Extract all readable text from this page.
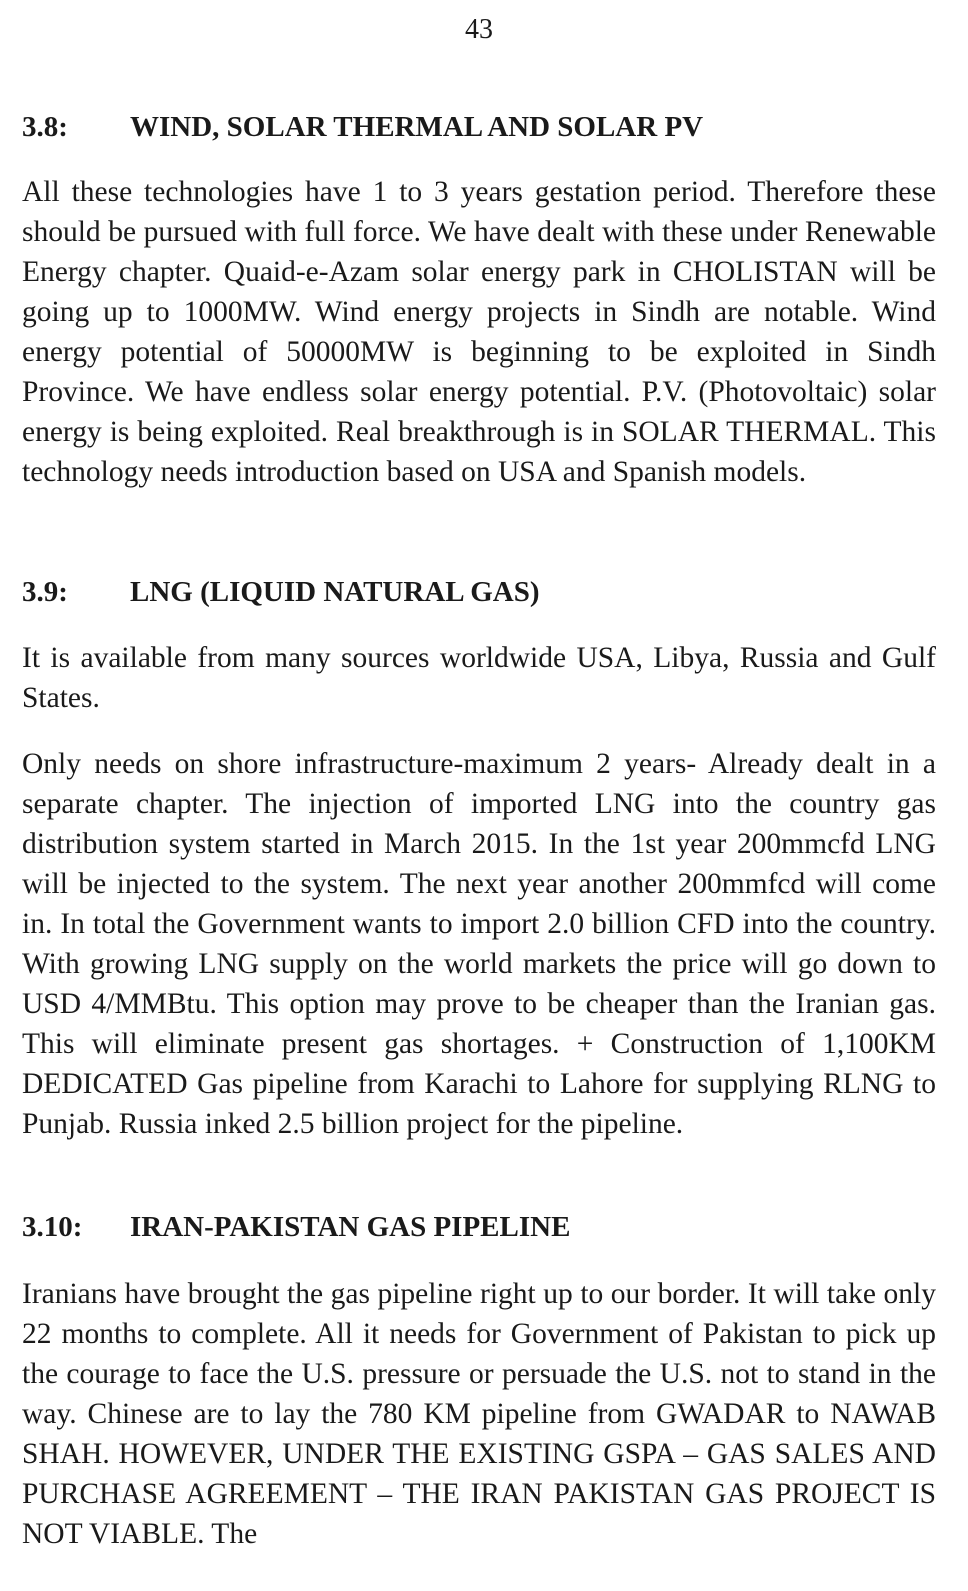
43
3.8: WIND, SOLAR THERMAL AND SOLAR PV

All these technologies have 1 to 3 years gestation period. Therefore these should be pursued with full force. We have dealt with these under Renewable Energy chapter. Quaid-e-Azam solar energy park in CHOLISTAN will be going up to 1000MW. Wind energy projects in Sindh are notable. Wind energy potential of 50000MW is beginning to be exploited in Sindh Province. We have endless solar energy potential. P.V. (Photovoltaic) solar energy is being exploited. Real breakthrough is in SOLAR THERMAL. This technology needs introduction based on USA and Spanish models.

3.9: LNG (LIQUID NATURAL GAS)

It is available from many sources worldwide USA, Libya, Russia and Gulf States.

Only needs on shore infrastructure-maximum 2 years- Already dealt in a separate chapter. The injection of imported LNG into the country gas distribution system started in March 2015. In the 1st year 200mmcfd LNG will be injected to the system. The next year another 200mmfcd will come in. In total the Government wants to import 2.0 billion CFD into the country. With growing LNG supply on the world markets the price will go down to USD 4/MMBtu. This option may prove to be cheaper than the Iranian gas. This will eliminate present gas shortages. + Construction of 1,100KM DEDICATED Gas pipeline from Karachi to Lahore for supplying RLNG to Punjab. Russia inked 2.5 billion project for the pipeline.

3.10: IRAN-PAKISTAN GAS PIPELINE

Iranians have brought the gas pipeline right up to our border. It will take only 22 months to complete. All it needs for Government of Pakistan to pick up the courage to face the U.S. pressure or persuade the U.S. not to stand in the way. Chinese are to lay the 780 KM pipeline from GWADAR to NAWAB SHAH. HOWEVER, UNDER THE EXISTING GSPA – GAS SALES AND PURCHASE AGREEMENT – THE IRAN PAKISTAN GAS PROJECT IS NOT VIABLE. The
